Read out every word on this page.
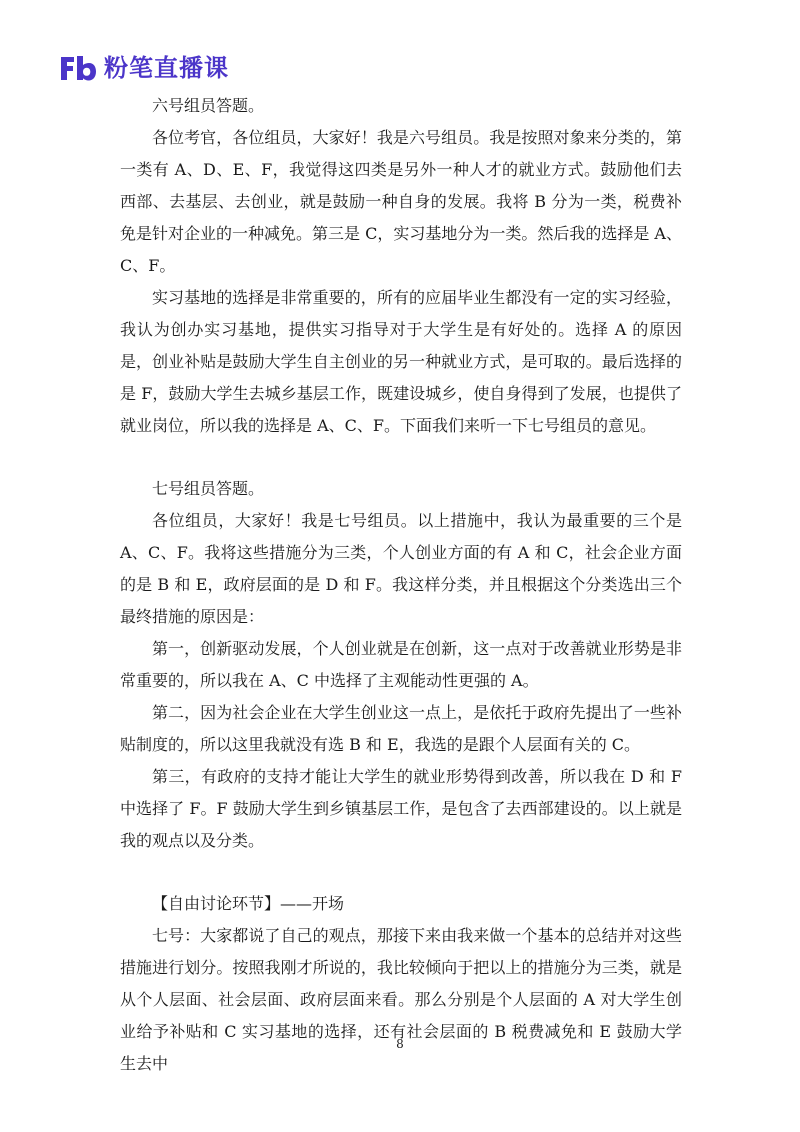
粉笔直播课

六号组员答题。

各位考官，各位组员，大家好！我是六号组员。我是按照对象来分类的，第一类有 A、D、E、F，我觉得这四类是另外一种人才的就业方式。鼓励他们去西部、去基层、去创业，就是鼓励一种自身的发展。我将 B 分为一类，税费补免是针对企业的一种减免。第三是 C，实习基地分为一类。然后我的选择是 A、C、F。

实习基地的选择是非常重要的，所有的应届毕业生都没有一定的实习经验，我认为创办实习基地，提供实习指导对于大学生是有好处的。选择 A 的原因是，创业补贴是鼓励大学生自主创业的另一种就业方式，是可取的。最后选择的是 F，鼓励大学生去城乡基层工作，既建设城乡，使自身得到了发展，也提供了就业岗位，所以我的选择是 A、C、F。下面我们来听一下七号组员的意见。

七号组员答题。

各位组员，大家好！我是七号组员。以上措施中，我认为最重要的三个是 A、C、F。我将这些措施分为三类，个人创业方面的有 A 和 C，社会企业方面的是 B 和 E，政府层面的是 D 和 F。我这样分类，并且根据这个分类选出三个最终措施的原因是：

第一，创新驱动发展，个人创业就是在创新，这一点对于改善就业形势是非常重要的，所以我在 A、C 中选择了主观能动性更强的 A。

第二，因为社会企业在大学生创业这一点上，是依托于政府先提出了一些补贴制度的，所以这里我就没有选 B 和 E，我选的是跟个人层面有关的 C。

第三，有政府的支持才能让大学生的就业形势得到改善，所以我在 D 和 F 中选择了 F。F 鼓励大学生到乡镇基层工作，是包含了去西部建设的。以上就是我的观点以及分类。

【自由讨论环节】——开场

七号：大家都说了自己的观点，那接下来由我来做一个基本的总结并对这些措施进行划分。按照我刚才所说的，我比较倾向于把以上的措施分为三类，就是从个人层面、社会层面、政府层面来看。那么分别是个人层面的 A 对大学生创业给予补贴和 C 实习基地的选择，还有社会层面的 B 税费减免和 E 鼓励大学生去中

8
